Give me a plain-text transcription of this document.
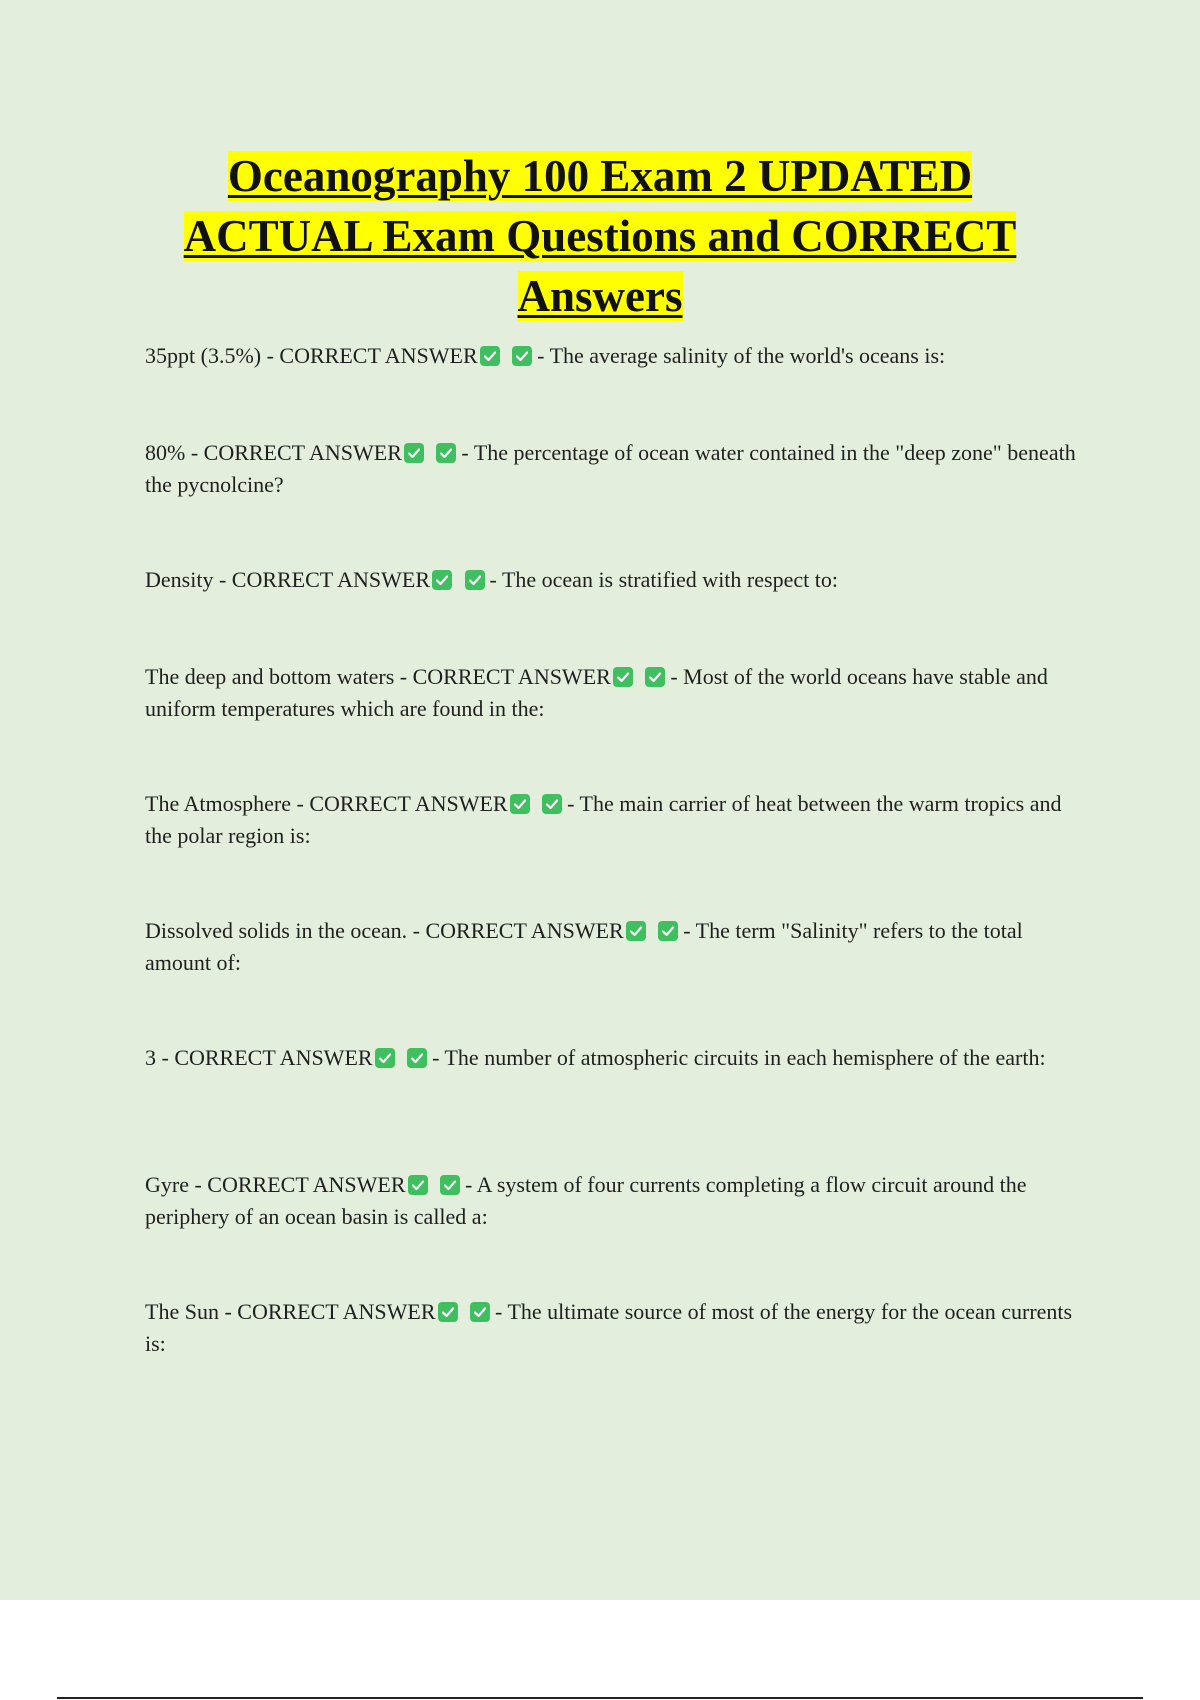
Oceanography 100 Exam 2 UPDATED
ACTUAL Exam Questions and CORRECT
Answers

35ppt (3.5%) - CORRECT ANSWER
	- The average salinity of the world's oceans is:

80% - CORRECT ANSWER
	- The percentage of ocean water contained in the "deep zone" beneath the pycnolcine?

Density - CORRECT ANSWER
	- The ocean is stratified with respect to:

The deep and bottom waters - CORRECT ANSWER
	- Most of the world oceans have stable and uniform temperatures which are found in the:

The Atmosphere - CORRECT ANSWER
	- The main carrier of heat between the warm tropics and the polar region is:

Dissolved solids in the ocean. - CORRECT ANSWER
	- The term "Salinity" refers to the total amount of:

3 - CORRECT ANSWER
	- The number of atmospheric circuits in each hemisphere of the earth:

Gyre - CORRECT ANSWER
	- A system of four currents completing a flow circuit around the periphery of an ocean basin is called a:

The Sun - CORRECT ANSWER
	- The ultimate source of most of the energy for the ocean currents is:
